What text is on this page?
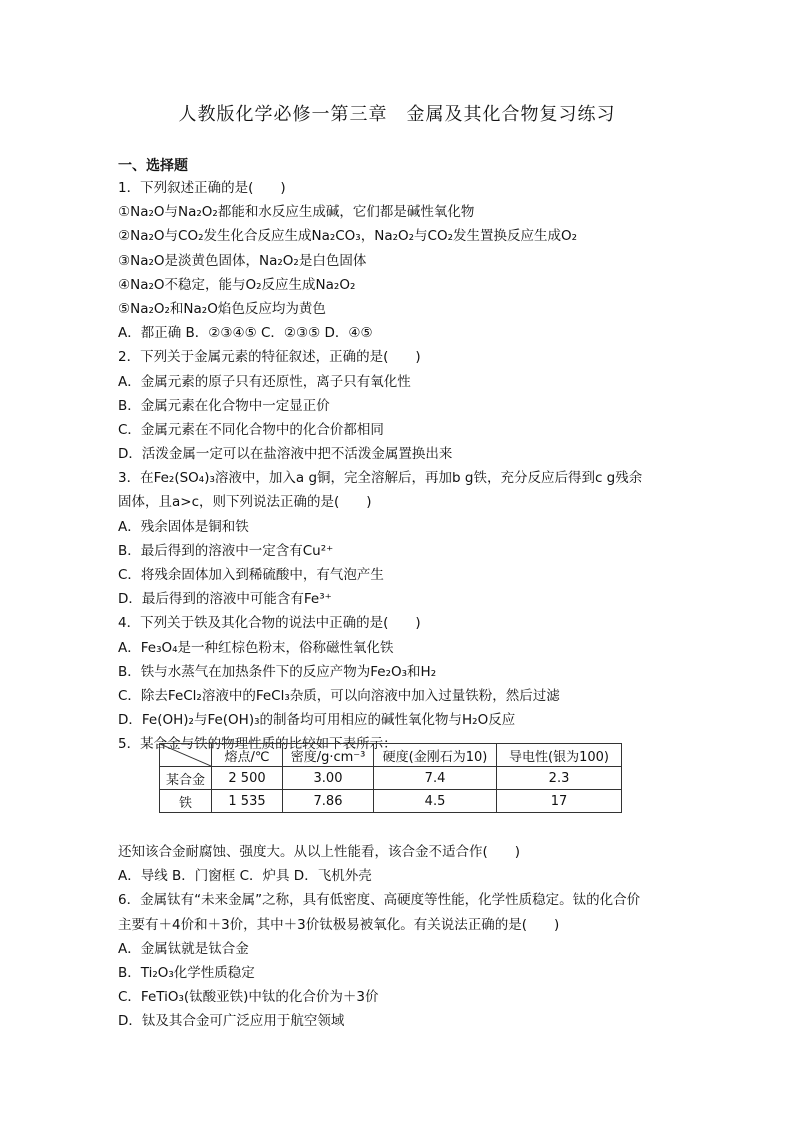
人教版化学必修一第三章　金属及其化合物复习练习
一、选择题
1．下列叙述正确的是(　　)
①Na₂O与Na₂O₂都能和水反应生成碱，它们都是碱性氧化物
②Na₂O与CO₂发生化合反应生成Na₂CO₃，Na₂O₂与CO₂发生置换反应生成O₂
③Na₂O是淡黄色固体，Na₂O₂是白色固体
④Na₂O不稳定，能与O₂反应生成Na₂O₂
⑤Na₂O₂和Na₂O焰色反应均为黄色
A．都正确 B．②③④⑤ C．②③⑤ D．④⑤
2．下列关于金属元素的特征叙述，正确的是(　　)
A．金属元素的原子只有还原性，离子只有氧化性
B．金属元素在化合物中一定显正价
C．金属元素在不同化合物中的化合价都相同
D．活泼金属一定可以在盐溶液中把不活泼金属置换出来
3．在Fe₂(SO₄)₃溶液中，加入a g铜，完全溶解后，再加b g铁，充分反应后得到c g残余
固体，且a>c，则下列说法正确的是(　　)
A．残余固体是铜和铁
B．最后得到的溶液中一定含有Cu²⁺
C．将残余固体加入到稀硫酸中，有气泡产生
D．最后得到的溶液中可能含有Fe³⁺
4．下列关于铁及其化合物的说法中正确的是(　　)
A．Fe₃O₄是一种红棕色粉末，俗称磁性氧化铁
B．铁与水蒸气在加热条件下的反应产物为Fe₂O₃和H₂
C．除去FeCl₂溶液中的FeCl₃杂质，可以向溶液中加入过量铁粉，然后过滤
D．Fe(OH)₂与Fe(OH)₃的制备均可用相应的碱性氧化物与H₂O反应
5．某合金与铁的物理性质的比较如下表所示：
	熔点/℃	密度/g·cm⁻³	硬度(金刚石为10)	导电性(银为100)
某合金	2 500	3.00	7.4	2.3
铁	1 535	7.86	4.5	17
还知该合金耐腐蚀、强度大。从以上性能看，该合金不适合作(　　)
A．导线 B．门窗框 C．炉具 D．飞机外壳
6．金属钛有“未来金属”之称，具有低密度、高硬度等性能，化学性质稳定。钛的化合价
主要有＋4价和＋3价，其中＋3价钛极易被氧化。有关说法正确的是(　　)
A．金属钛就是钛合金
B．Ti₂O₃化学性质稳定
C．FeTiO₃(钛酸亚铁)中钛的化合价为＋3价
D．钛及其合金可广泛应用于航空领域
